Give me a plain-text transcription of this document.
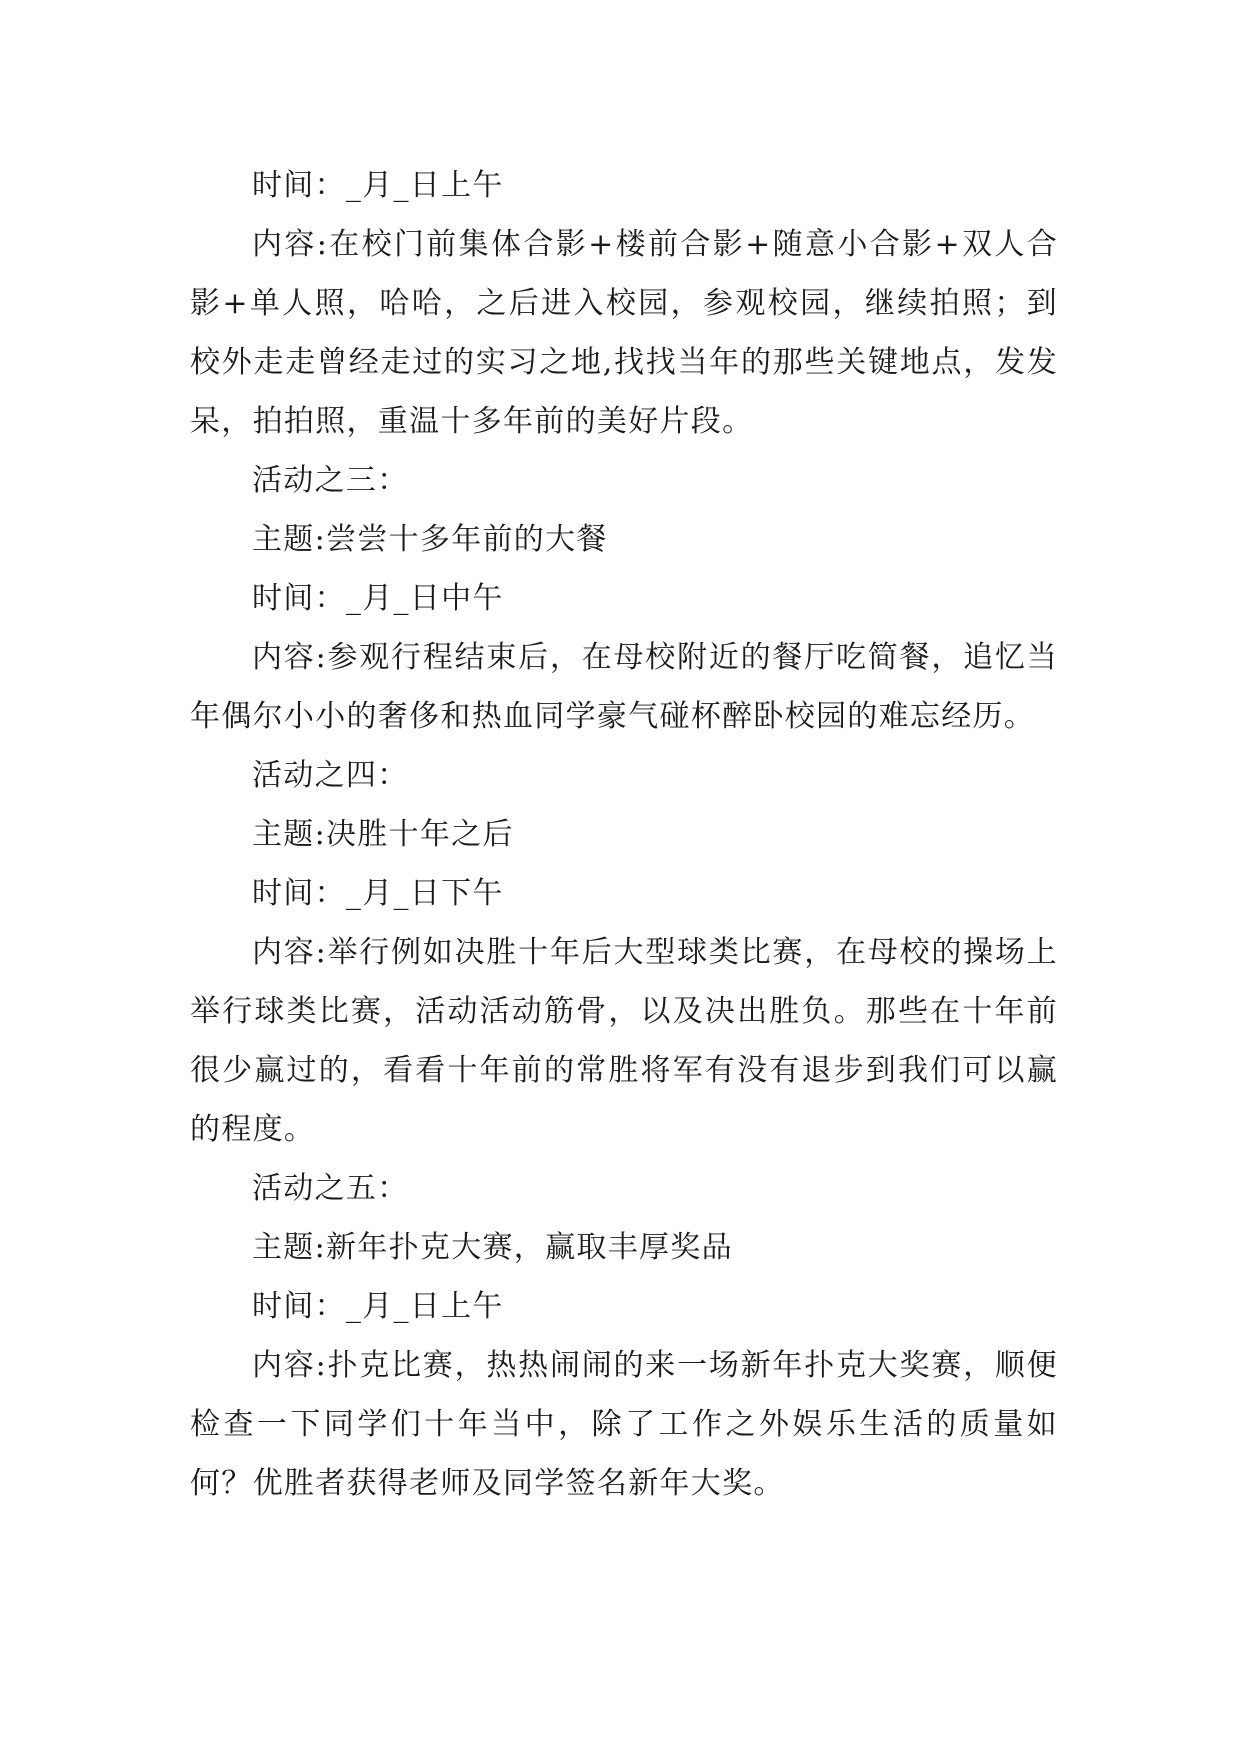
时间：_月_日上午

内容:在校门前集体合影+楼前合影+随意小合影+双人合影+单人照，哈哈，之后进入校园，参观校园，继续拍照；到校外走走曾经走过的实习之地,找找当年的那些关键地点，发发呆，拍拍照，重温十多年前的美好片段。

活动之三：

主题:尝尝十多年前的大餐

时间：_月_日中午

内容:参观行程结束后，在母校附近的餐厅吃简餐，追忆当年偶尔小小的奢侈和热血同学豪气碰杯醉卧校园的难忘经历。

活动之四：

主题:决胜十年之后

时间：_月_日下午

内容:举行例如决胜十年后大型球类比赛，在母校的操场上举行球类比赛，活动活动筋骨，以及决出胜负。那些在十年前很少赢过的，看看十年前的常胜将军有没有退步到我们可以赢的程度。

活动之五：

主题:新年扑克大赛，赢取丰厚奖品

时间：_月_日上午

内容:扑克比赛，热热闹闹的来一场新年扑克大奖赛，顺便检查一下同学们十年当中，除了工作之外娱乐生活的质量如何？优胜者获得老师及同学签名新年大奖。
